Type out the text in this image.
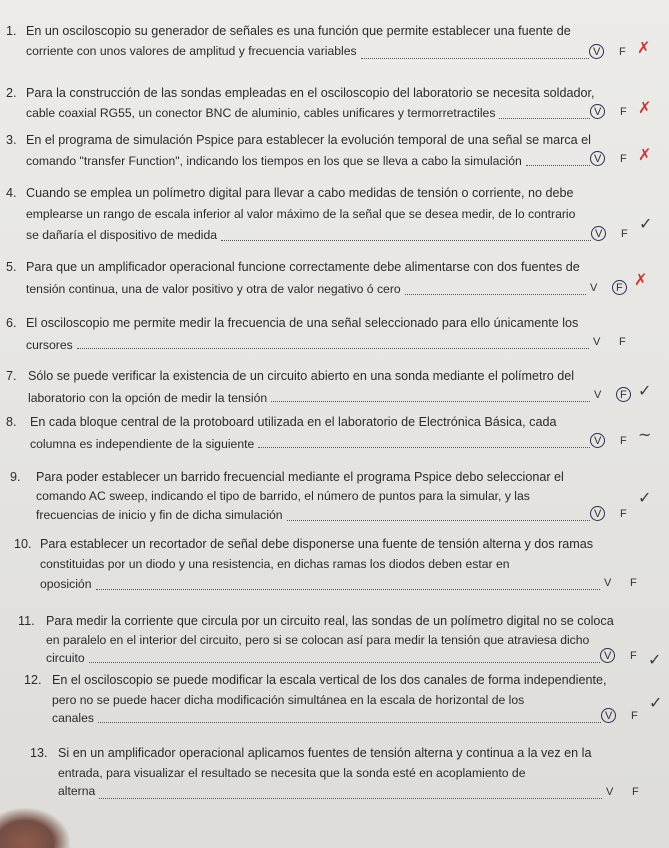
1. En un osciloscopio su generador de señales es una función que permite establecer una fuente de
corriente con unos valores de amplitud y frecuencia variables	V F ✗
2. Para la construcción de las sondas empleadas en el osciloscopio del laboratorio se necesita soldador,
cable coaxial RG55, un conector BNC de aluminio, cables unificares y termorretractiles	V F ✗
3. En el programa de simulación Pspice para establecer la evolución temporal de una señal se marca el
comando "transfer Function", indicando los tiempos en los que se lleva a cabo la simulación	V F ✗
4. Cuando se emplea un polímetro digital para llevar a cabo medidas de tensión o corriente, no debe
emplearse un rango de escala inferior al valor máximo de la señal que se desea medir, de lo contrario
se dañaría el dispositivo de medida	V F
✓
5. Para que un amplificador operacional funcione correctamente debe alimentarse con dos fuentes de
tensión continua, una de valor positivo y otra de valor negativo ó cero	V F ✗
6. El osciloscopio me permite medir la frecuencia de una señal seleccionado para ello únicamente los
cursores	V F
7. Sólo se puede verificar la existencia de un circuito abierto en una sonda mediante el polímetro del
laboratorio con la opción de medir la tensión	V F ✓
8. En cada bloque central de la protoboard utilizada en el laboratorio de Electrónica Básica, cada
columna es independiente de la siguiente	V F ~
9. Para poder establecer un barrido frecuencial mediante el programa Pspice debo seleccionar el
comando AC sweep, indicando el tipo de barrido, el número de puntos para la simular, y las
frecuencias de inicio y fin de dicha simulación	V F
✓
10. Para establecer un recortador de señal debe disponerse una fuente de tensión alterna y dos ramas
constituidas por un diodo y una resistencia, en dichas ramas los diodos deben estar en
oposición	V F
11. Para medir la corriente que circula por un circuito real, las sondas de un polímetro digital no se coloca
en paralelo en el interior del circuito, pero si se colocan así para medir la tensión que atraviesa dicho
circuito	V F ✓
12. En el osciloscopio se puede modificar la escala vertical de los dos canales de forma independiente,
pero no se puede hacer dicha modificación simultánea en la escala de horizontal de los
canales	V F
✓
13. Si en un amplificador operacional aplicamos fuentes de tensión alterna y continua a la vez en la
entrada, para visualizar el resultado se necesita que la sonda esté en acoplamiento de
alterna	V F
